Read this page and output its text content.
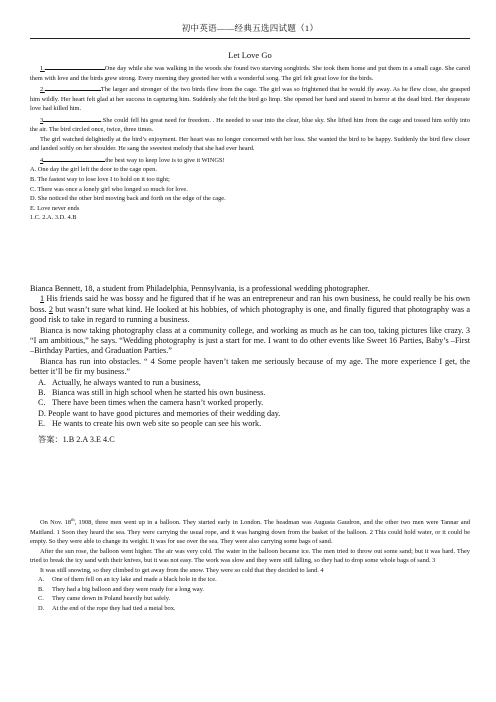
初中英语——经典五选四试题（1）
Let Love Go

1.	One day while she was walking in the woods she found two starving songbirds. She took them home and put them in a small cage. She cared them with love and the birds grew strong. Every morning they greeted her with a wonderful song. The girl felt great love for the birds.

2.	The larger and stronger of the two birds flew from the cage. The girl was so frightened that he would fly away. As he flew close, she grasped him wildly. Her heart felt glad at her success in capturing him. Suddenly she felt the bird go limp. She opened her hand and stared in horror at the dead bird. Her desperate love had killed him.

3	.She could fell his great need for freedom. . He needed to soar into the clear, blue sky. She lifted him from the cage and tossed him softly into the air. The bird circled once, twice, three times.

The girl watched delightedly at the bird’s enjoyment. Her heart was no longer concerned with her loss. She wanted the bird to be happy. Suddenly the bird flew closer and landed softly on her shoulder. He sang the sweetest melody that she had ever heard.

4	the best way to keep love is to give it WINGS!

A. One day the girl left the door to the cage open.
B. The fastest way to lose love I to hold on it too tight;
C. There was once a lonely girl who longed so much for love.
D. She noticed the other bird moving back and forth on the edge of the cage.
E. Love never ends
1.C. 2.A. 3.D. 4.B

Bianca Bennett, 18, a student from Philadelphia, Pennsylvania, is a professional wedding photographer.

1 His friends said he was bossy and he figured that if he was an entrepreneur and ran his own business, he could really be his own boss. 2 but wasn’t sure what kind. He looked at his hobbies, of which photography is one, and finally figured that photography was a good risk to take in regard to running a business.

Bianca is now taking photography class at a community college, and working as much as he can too, taking pictures like crazy. 3 “I am ambitious,” he says. “Wedding photography is just a start for me. I want to do other events like Sweet 16 Parties, Baby’s –First –Birthday Parties, and Graduation Parties.”

Bianca has run into obstacles. “ 4 Some people haven’t taken me seriously because of my age. The more experience I get, the better it’ll be fir my business.”

A. Actually, he always wanted to run a business,
B. Bianca was still in high school when he started his own business.
C. There have been times when the camera hasn’t worked properly.
D. People want to have good pictures and memories of their wedding day.
E. He wants to create his own web site so people can see his work.

答案：1.B 2.A 3.E 4.C

On Nov. 18th, 1908, three men went up in a balloon. They started early in London. The headman was Augusta Gaudron, and the other two men were Tannar and Maitland. 1 Soon they heard the sea. They were carrying the usual rope, and it was hanging down from the basket of the balloon. 2 This could hold water, or it could be empty. So they were able to change its weight. It was for use over the sea. They were also carrying some bags of sand.

After the sun rose, the balloon went higher. The air was very cold. The water in the balloon became ice. The men tried to throw out some sand; but it was hard. They tried to break the icy sand with their knives, but it was not easy. The work was slow and they were still falling, so they had to drop some whole bags of sand. 3

It was still snowing, so they climbed to get away from the snow. They were so cold that they decided to land. 4

A. One of them fell on an icy lake and made a black hole in the ice.
B. They had a big balloon and they were ready for a long way.
C. They came down in Poland heavily but safely.
D. At the end of the rope they had tied a metal box.
